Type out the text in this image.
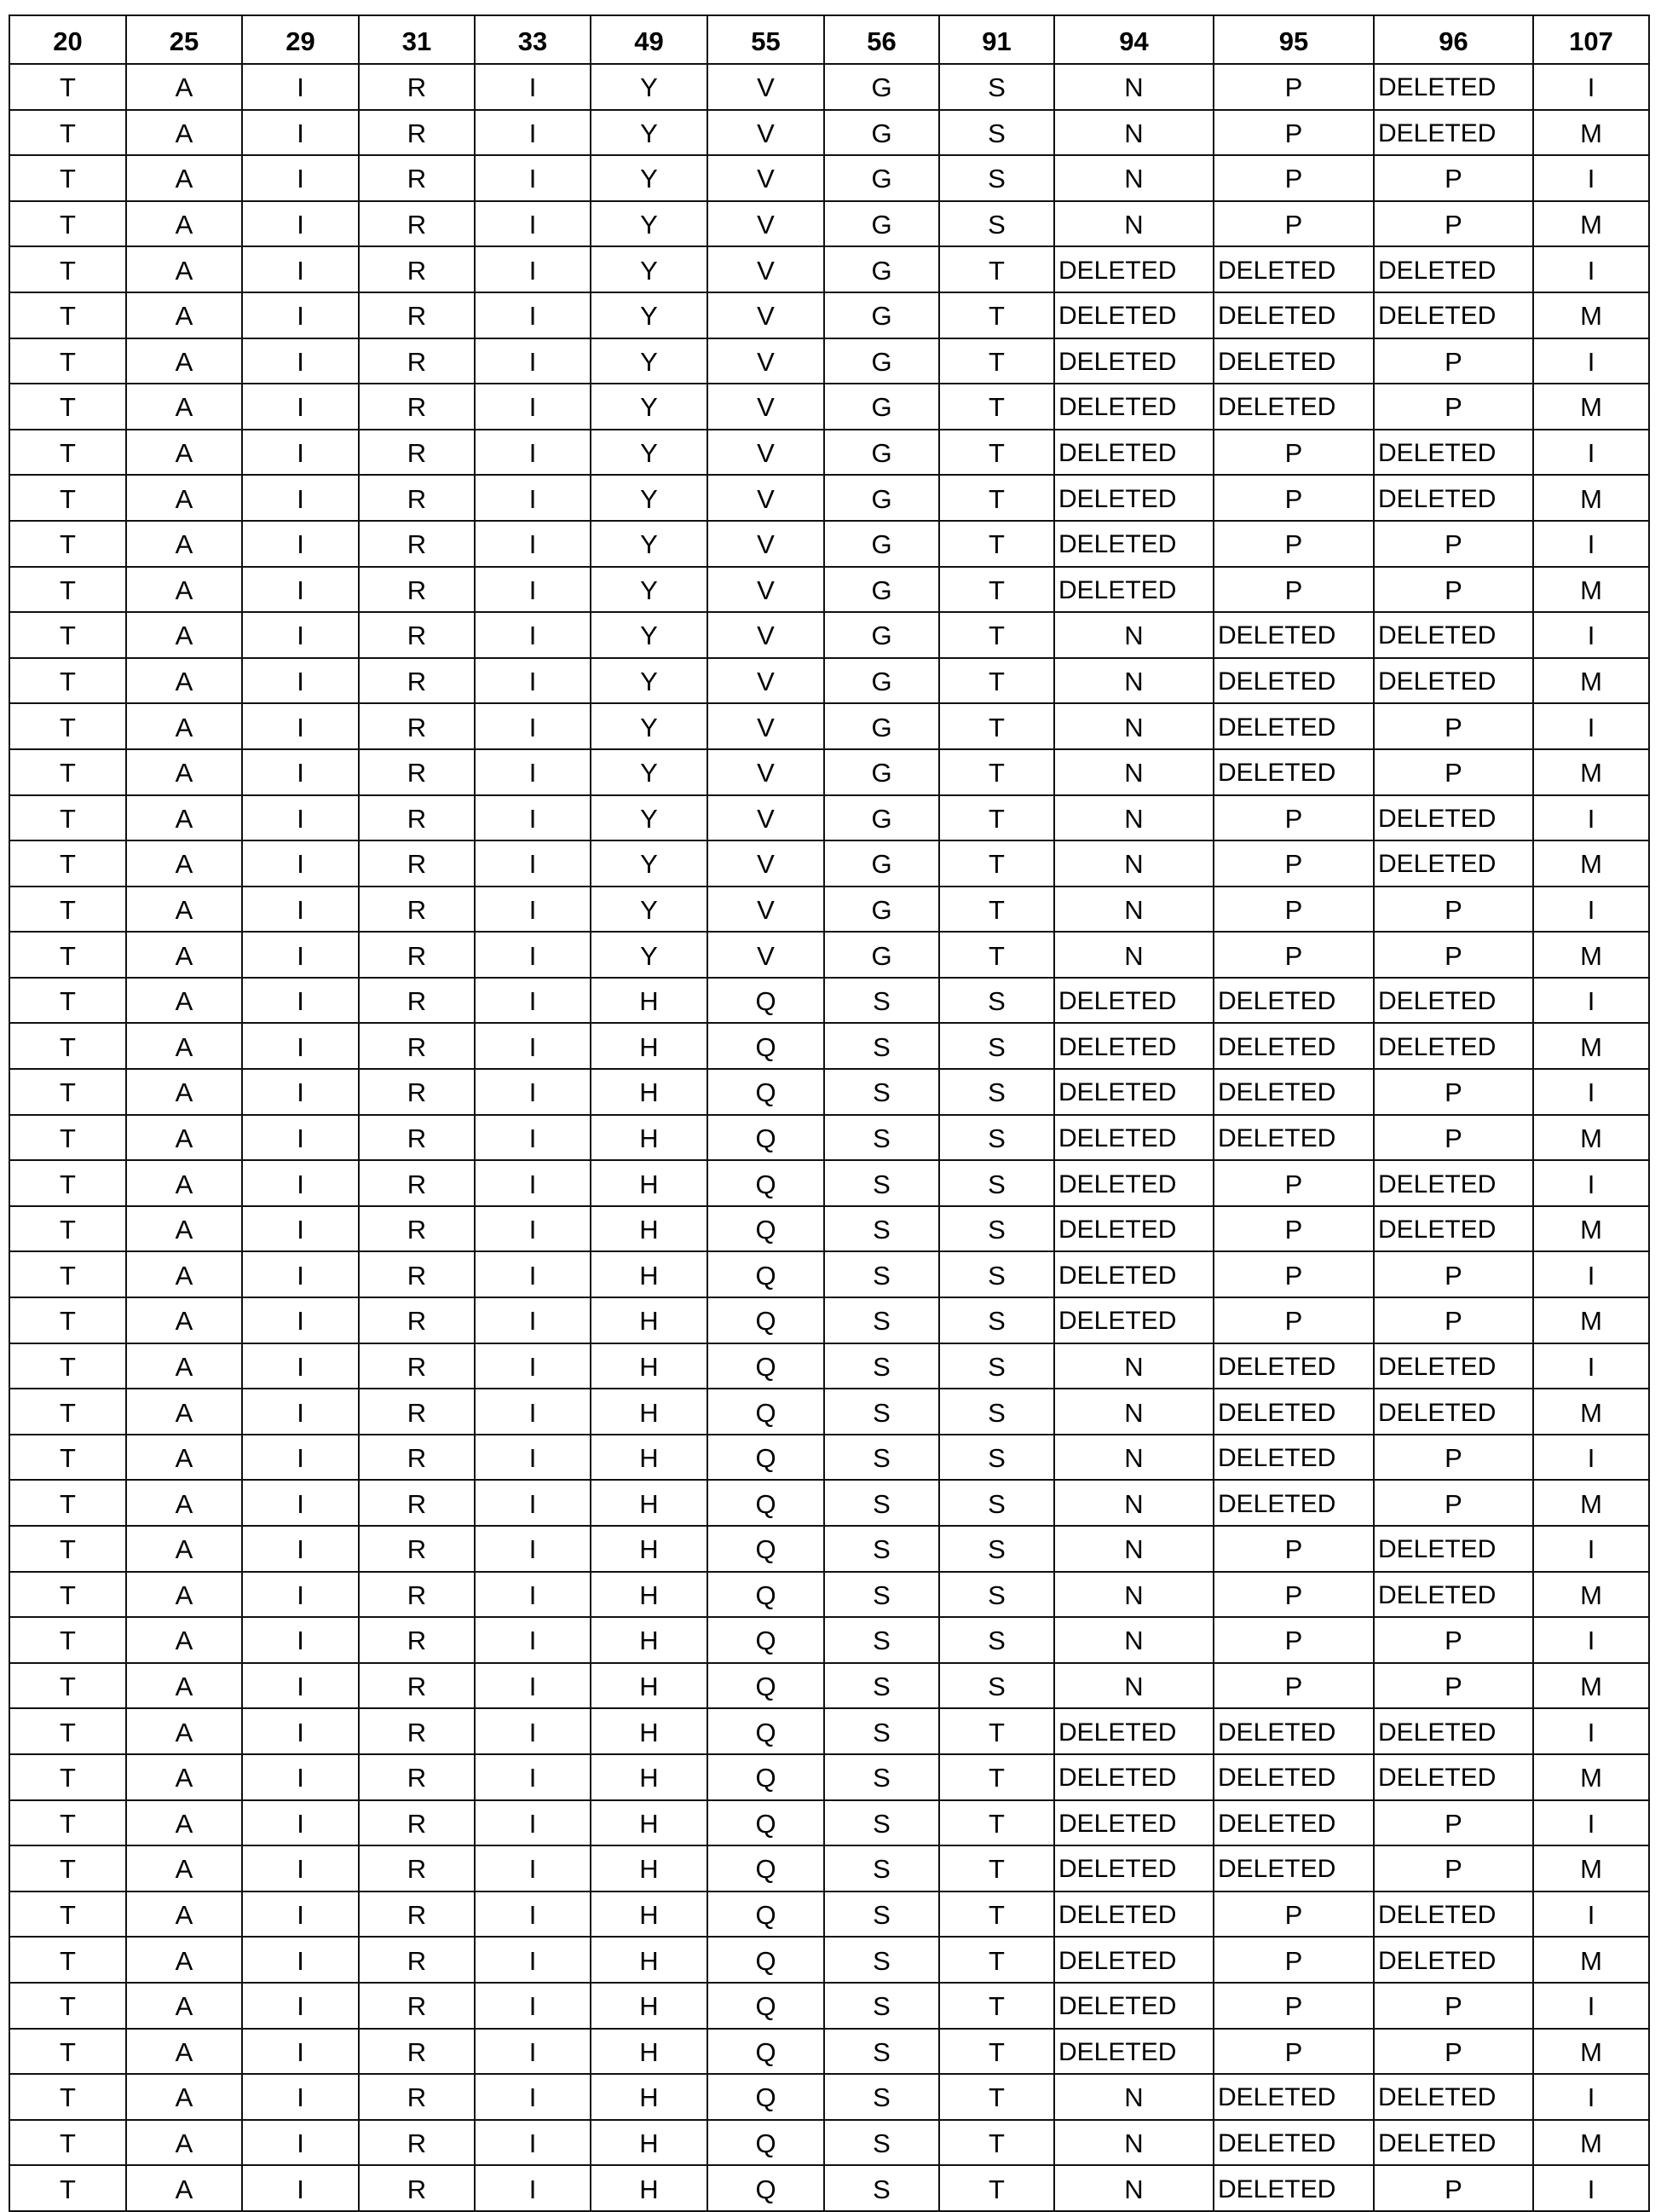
20	25	29	31	33	49	55	56	91	94	95	96	107
T	A	I	R	I	Y	V	G	S	N	P	DELETED	I
T	A	I	R	I	Y	V	G	S	N	P	DELETED	M
T	A	I	R	I	Y	V	G	S	N	P	P	I
T	A	I	R	I	Y	V	G	S	N	P	P	M
T	A	I	R	I	Y	V	G	T	DELETED	DELETED	DELETED	I
T	A	I	R	I	Y	V	G	T	DELETED	DELETED	DELETED	M
T	A	I	R	I	Y	V	G	T	DELETED	DELETED	P	I
T	A	I	R	I	Y	V	G	T	DELETED	DELETED	P	M
T	A	I	R	I	Y	V	G	T	DELETED	P	DELETED	I
T	A	I	R	I	Y	V	G	T	DELETED	P	DELETED	M
T	A	I	R	I	Y	V	G	T	DELETED	P	P	I
T	A	I	R	I	Y	V	G	T	DELETED	P	P	M
T	A	I	R	I	Y	V	G	T	N	DELETED	DELETED	I
T	A	I	R	I	Y	V	G	T	N	DELETED	DELETED	M
T	A	I	R	I	Y	V	G	T	N	DELETED	P	I
T	A	I	R	I	Y	V	G	T	N	DELETED	P	M
T	A	I	R	I	Y	V	G	T	N	P	DELETED	I
T	A	I	R	I	Y	V	G	T	N	P	DELETED	M
T	A	I	R	I	Y	V	G	T	N	P	P	I
T	A	I	R	I	Y	V	G	T	N	P	P	M
T	A	I	R	I	H	Q	S	S	DELETED	DELETED	DELETED	I
T	A	I	R	I	H	Q	S	S	DELETED	DELETED	DELETED	M
T	A	I	R	I	H	Q	S	S	DELETED	DELETED	P	I
T	A	I	R	I	H	Q	S	S	DELETED	DELETED	P	M
T	A	I	R	I	H	Q	S	S	DELETED	P	DELETED	I
T	A	I	R	I	H	Q	S	S	DELETED	P	DELETED	M
T	A	I	R	I	H	Q	S	S	DELETED	P	P	I
T	A	I	R	I	H	Q	S	S	DELETED	P	P	M
T	A	I	R	I	H	Q	S	S	N	DELETED	DELETED	I
T	A	I	R	I	H	Q	S	S	N	DELETED	DELETED	M
T	A	I	R	I	H	Q	S	S	N	DELETED	P	I
T	A	I	R	I	H	Q	S	S	N	DELETED	P	M
T	A	I	R	I	H	Q	S	S	N	P	DELETED	I
T	A	I	R	I	H	Q	S	S	N	P	DELETED	M
T	A	I	R	I	H	Q	S	S	N	P	P	I
T	A	I	R	I	H	Q	S	S	N	P	P	M
T	A	I	R	I	H	Q	S	T	DELETED	DELETED	DELETED	I
T	A	I	R	I	H	Q	S	T	DELETED	DELETED	DELETED	M
T	A	I	R	I	H	Q	S	T	DELETED	DELETED	P	I
T	A	I	R	I	H	Q	S	T	DELETED	DELETED	P	M
T	A	I	R	I	H	Q	S	T	DELETED	P	DELETED	I
T	A	I	R	I	H	Q	S	T	DELETED	P	DELETED	M
T	A	I	R	I	H	Q	S	T	DELETED	P	P	I
T	A	I	R	I	H	Q	S	T	DELETED	P	P	M
T	A	I	R	I	H	Q	S	T	N	DELETED	DELETED	I
T	A	I	R	I	H	Q	S	T	N	DELETED	DELETED	M
T	A	I	R	I	H	Q	S	T	N	DELETED	P	I
